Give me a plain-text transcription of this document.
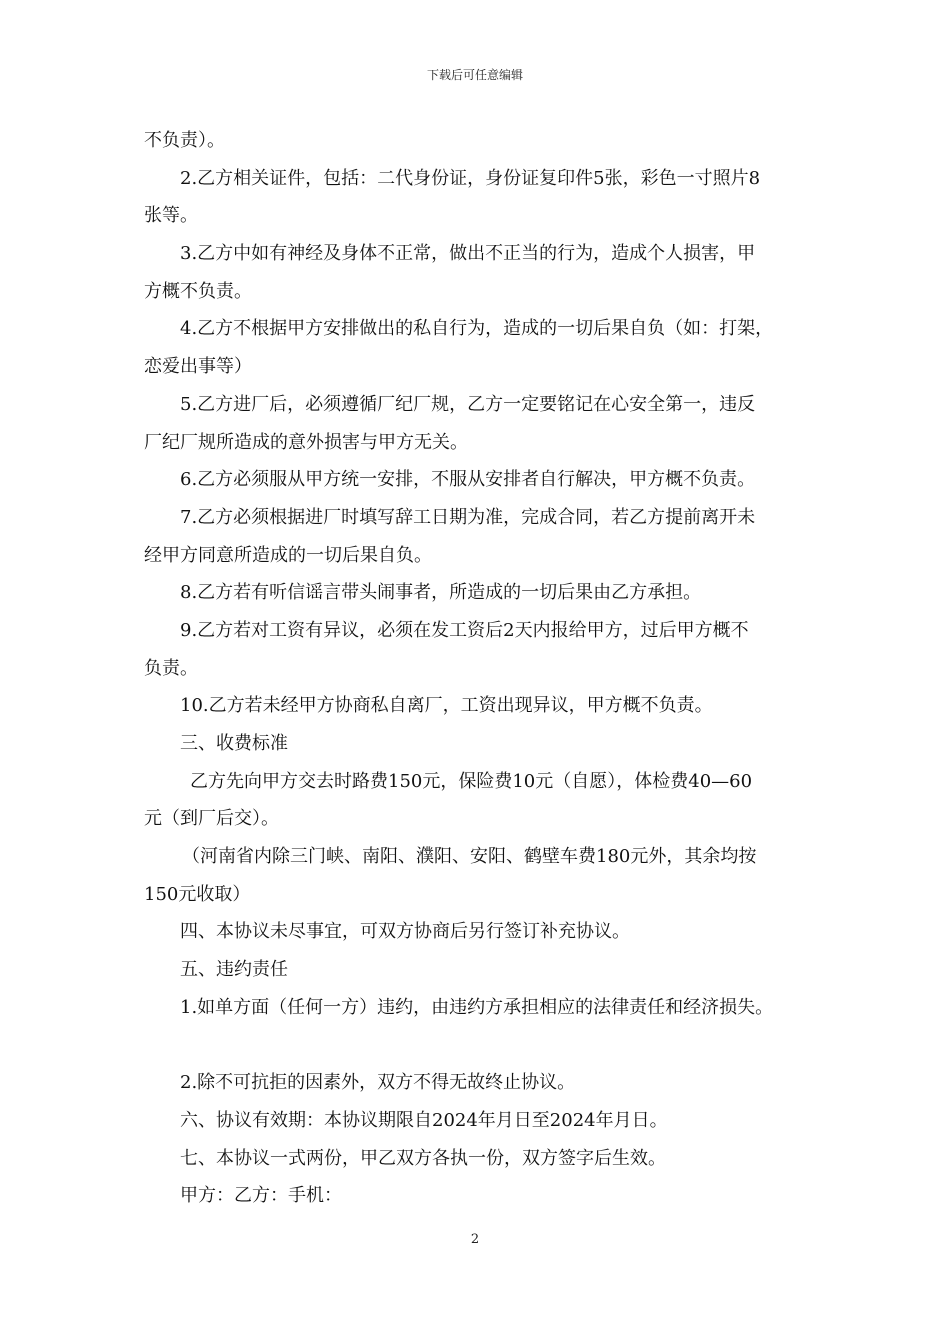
下载后可任意编辑
不负责）。
2.乙方相关证件，包括：二代身份证，身份证复印件5张，彩色一寸照片8
张等。
3.乙方中如有神经及身体不正常，做出不正当的行为，造成个人损害，甲
方概不负责。
4.乙方不根据甲方安排做出的私自行为，造成的一切后果自负（如：打架，
恋爱出事等）
5.乙方进厂后，必须遵循厂纪厂规，乙方一定要铭记在心安全第一，违反
厂纪厂规所造成的意外损害与甲方无关。
6.乙方必须服从甲方统一安排，不服从安排者自行解决，甲方概不负责。
7.乙方必须根据进厂时填写辞工日期为准，完成合同，若乙方提前离开未
经甲方同意所造成的一切后果自负。
8.乙方若有听信谣言带头闹事者，所造成的一切后果由乙方承担。
9.乙方若对工资有异议，必须在发工资后2天内报给甲方，过后甲方概不
负责。
10.乙方若未经甲方协商私自离厂，工资出现异议，甲方概不负责。
三、收费标准
乙方先向甲方交去时路费150元，保险费10元（自愿），体检费40—60
元（到厂后交）。
（河南省内除三门峡、南阳、濮阳、安阳、鹤壁车费180元外，其余均按
150元收取）
四、本协议未尽事宜，可双方协商后另行签订补充协议。
五、违约责任
1.如单方面（任何一方）违约，由违约方承担相应的法律责任和经济损失。
2.除不可抗拒的因素外，双方不得无故终止协议。
六、协议有效期：本协议期限自2024年月日至2024年月日。
七、本协议一式两份，甲乙双方各执一份，双方签字后生效。
甲方：乙方：手机：
2
